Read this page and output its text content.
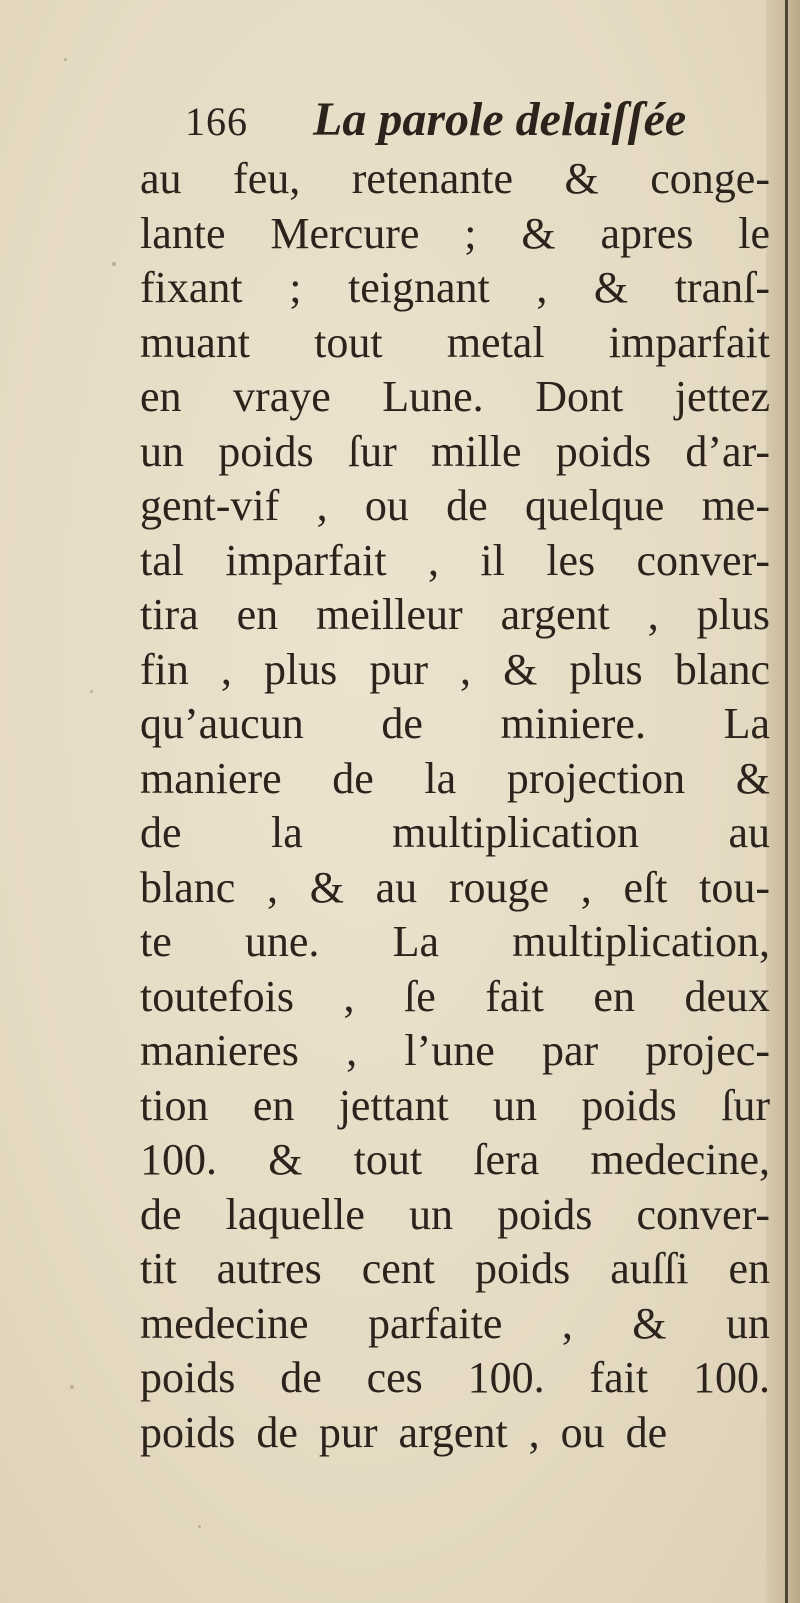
166 La parole delaiſſée
au feu, retenante & conge-
lante Mercure ; & apres le
fixant ; teignant , & tranſ-
muant tout metal imparfait
en vraye Lune. Dont jettez
un poids ſur mille poids d’ar-
gent-vif , ou de quelque me-
tal imparfait , il les conver-
tira en meilleur argent , plus
fin , plus pur , & plus blanc
qu’aucun de miniere. La
maniere de la projection &
de la multiplication au
blanc , & au rouge , eſt tou-
te une. La multiplication,
toutefois , ſe fait en deux
manieres , l’une par projec-
tion en jettant un poids ſur
100. & tout ſera medecine,
de laquelle un poids conver-
tit autres cent poids auſſi en
medecine parfaite , & un
poids de ces 100. fait 100.
poids de pur argent , ou de
